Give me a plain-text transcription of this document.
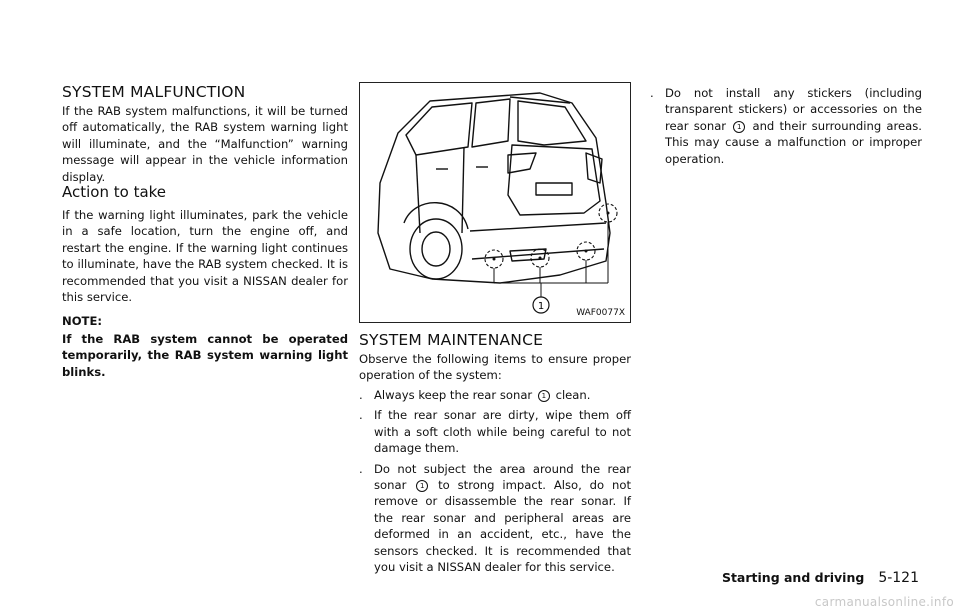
SYSTEM MALFUNCTION

If the RAB system malfunctions, it will be turned off automatically, the RAB system warning light will illuminate, and the “Malfunction” warning message will appear in the vehicle information display.

Action to take

If the warning light illuminates, park the vehicle in a safe location, turn the engine off, and restart the engine. If the warning light continues to illuminate, have the RAB system checked. It is recommended that you visit a NISSAN dealer for this service.

NOTE:

If the RAB system cannot be operated temporarily, the RAB system warning light blinks.

1
WAF0077X
SYSTEM MAINTENANCE

Observe the following items to ensure proper operation of the system:

. Always keep the rear sonar 1 clean.
. If the rear sonar are dirty, wipe them off with a soft cloth while being careful to not damage them.
. Do not subject the area around the rear sonar 1 to strong impact. Also, do not remove or disassemble the rear sonar. If the rear sonar and peripheral areas are deformed in an accident, etc., have the sensors checked. It is recommended that you visit a NISSAN dealer for this service.
. Do not install any stickers (including transparent stickers) or accessories on the rear sonar 1 and their surrounding areas. This may cause a malfunction or improper operation.
Starting and driving 5-121
carmanualsonline.info
